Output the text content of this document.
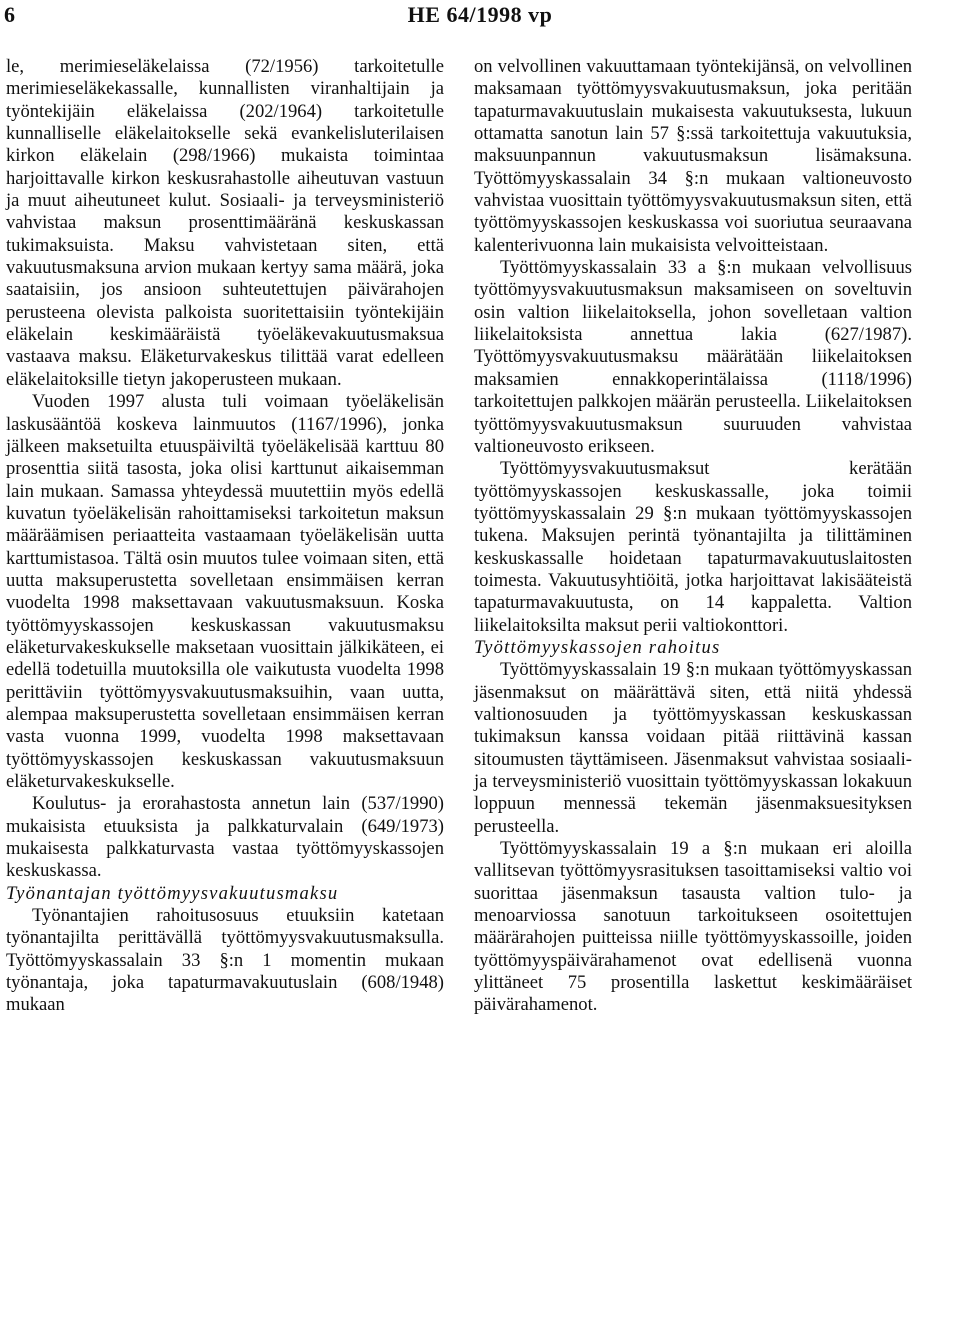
6	HE 64/1998 vp

le, merimieseläkelaissa (72/1956) tarkoitetulle merimieseläkekassalle, kunnallisten viranhaltijain ja työntekijäin eläkelaissa (202/1964) tarkoitetulle kunnalliselle eläkelaitokselle sekä evankelisluterilaisen kirkon eläkelain (298/1966) mukaista toimintaa harjoittavalle kirkon keskusrahastolle aiheutuvan vastuun ja muut aiheutuneet kulut. Sosiaali- ja terveysministeriö vahvistaa maksun prosenttimääränä keskuskassan tukimaksuista. Maksu vahvistetaan siten, että vakuutusmaksuna arvion mukaan kertyy sama määrä, joka saataisiin, jos ansioon suhteutettujen päivärahojen perusteena olevista palkoista suoritettaisiin työntekijäin eläkelain keskimääräistä työeläkevakuutusmaksua vastaava maksu. Eläketurvakeskus tilittää varat edelleen eläkelaitoksille tietyn jakoperusteen mukaan.

Vuoden 1997 alusta tuli voimaan työeläkelisän laskusääntöä koskeva lainmuutos (1167/1996), jonka jälkeen maksetuilta etuuspäiviltä työeläkelisää karttuu 80 prosenttia siitä tasosta, joka olisi karttunut aikaisemman lain mukaan. Samassa yhteydessä muutettiin myös edellä kuvatun työeläkelisän rahoittamiseksi tarkoitetun maksun määräämisen periaatteita vastaamaan työeläkelisän uutta karttumistasoa. Tältä osin muutos tulee voimaan siten, että uutta maksuperustetta sovelletaan ensimmäisen kerran vuodelta 1998 maksettavaan vakuutusmaksuun. Koska työttömyyskassojen keskuskassan vakuutusmaksu eläketurvakeskukselle maksetaan vuosittain jälkikäteen, ei edellä todetuilla muutoksilla ole vaikutusta vuodelta 1998 perittäviin työttömyysvakuutusmaksuihin, vaan uutta, alempaa maksuperustetta sovelletaan ensimmäisen kerran vasta vuonna 1999, vuodelta 1998 maksettavaan työttömyyskassojen keskuskassan vakuutusmaksuun eläketurvakeskukselle.

Koulutus- ja erorahastosta annetun lain (537/1990) mukaisista etuuksista ja palkkaturvalain (649/1973) mukaisesta palkkaturvasta vastaa työttömyyskassojen keskuskassa.

Työnantajan työttömyysvakuutusmaksu

Työnantajien rahoitusosuus etuuksiin katetaan työnantajilta perittävällä työttömyysvakuutusmaksulla. Työttömyyskassalain 33 §:n 1 momentin mukaan työnantaja, joka tapaturmavakuutuslain (608/1948) mukaan

on velvollinen vakuuttamaan työntekijänsä, on velvollinen maksamaan työttömyysvakuutusmaksun, joka peritään tapaturmavakuutuslain mukaisesta vakuutuksesta, lukuun ottamatta sanotun lain 57 §:ssä tarkoitettuja vakuutuksia, maksuunpannun vakuutusmaksun lisämaksuna. Työttömyyskassalain 34 §:n mukaan valtioneuvosto vahvistaa vuosittain työttömyysvakuutusmaksun siten, että työttömyyskassojen keskuskassa voi suoriutua seuraavana kalenterivuonna lain mukaisista velvoitteistaan.

Työttömyyskassalain 33 a §:n mukaan velvollisuus työttömyysvakuutusmaksun maksamiseen on soveltuvin osin valtion liikelaitoksella, johon sovelletaan valtion liikelaitoksista annettua lakia (627/1987). Työttömyysvakuutusmaksu määrätään liikelaitoksen maksamien ennakkoperintälaissa (1118/1996) tarkoitettujen palkkojen määrän perusteella. Liikelaitoksen työttömyysvakuutusmaksun suuruuden vahvistaa valtioneuvosto erikseen.

Työttömyysvakuutusmaksut kerätään työttömyyskassojen keskuskassalle, joka toimii työttömyyskassalain 29 §:n mukaan työttömyyskassojen tukena. Maksujen perintä työnantajilta ja tilittäminen keskuskassalle hoidetaan tapaturmavakuutuslaitosten toimesta. Vakuutusyhtiöitä, jotka harjoittavat lakisääteistä tapaturmavakuutusta, on 14 kappaletta. Valtion liikelaitoksilta maksut perii valtiokonttori.

Työttömyyskassojen rahoitus

Työttömyyskassalain 19 §:n mukaan työttömyyskassan jäsenmaksut on määrättävä siten, että niitä yhdessä valtionosuuden ja työttömyyskassan keskuskassan tukimaksun kanssa voidaan pitää riittävinä kassan sitoumusten täyttämiseen. Jäsenmaksut vahvistaa sosiaali- ja terveysministeriö vuosittain työttömyyskassan lokakuun loppuun mennessä tekemän jäsenmaksuesityksen perusteella.

Työttömyyskassalain 19 a §:n mukaan eri aloilla vallitsevan työttömyysrasituksen tasoittamiseksi valtio voi suorittaa jäsenmaksun tasausta valtion tulo- ja menoarviossa sanotuun tarkoitukseen osoitettujen määrärahojen puitteissa niille työttömyyskassoille, joiden työttömyyspäivärahamenot ovat edellisenä vuonna ylittäneet 75 prosentilla laskettut keskimääräiset päivärahamenot.
